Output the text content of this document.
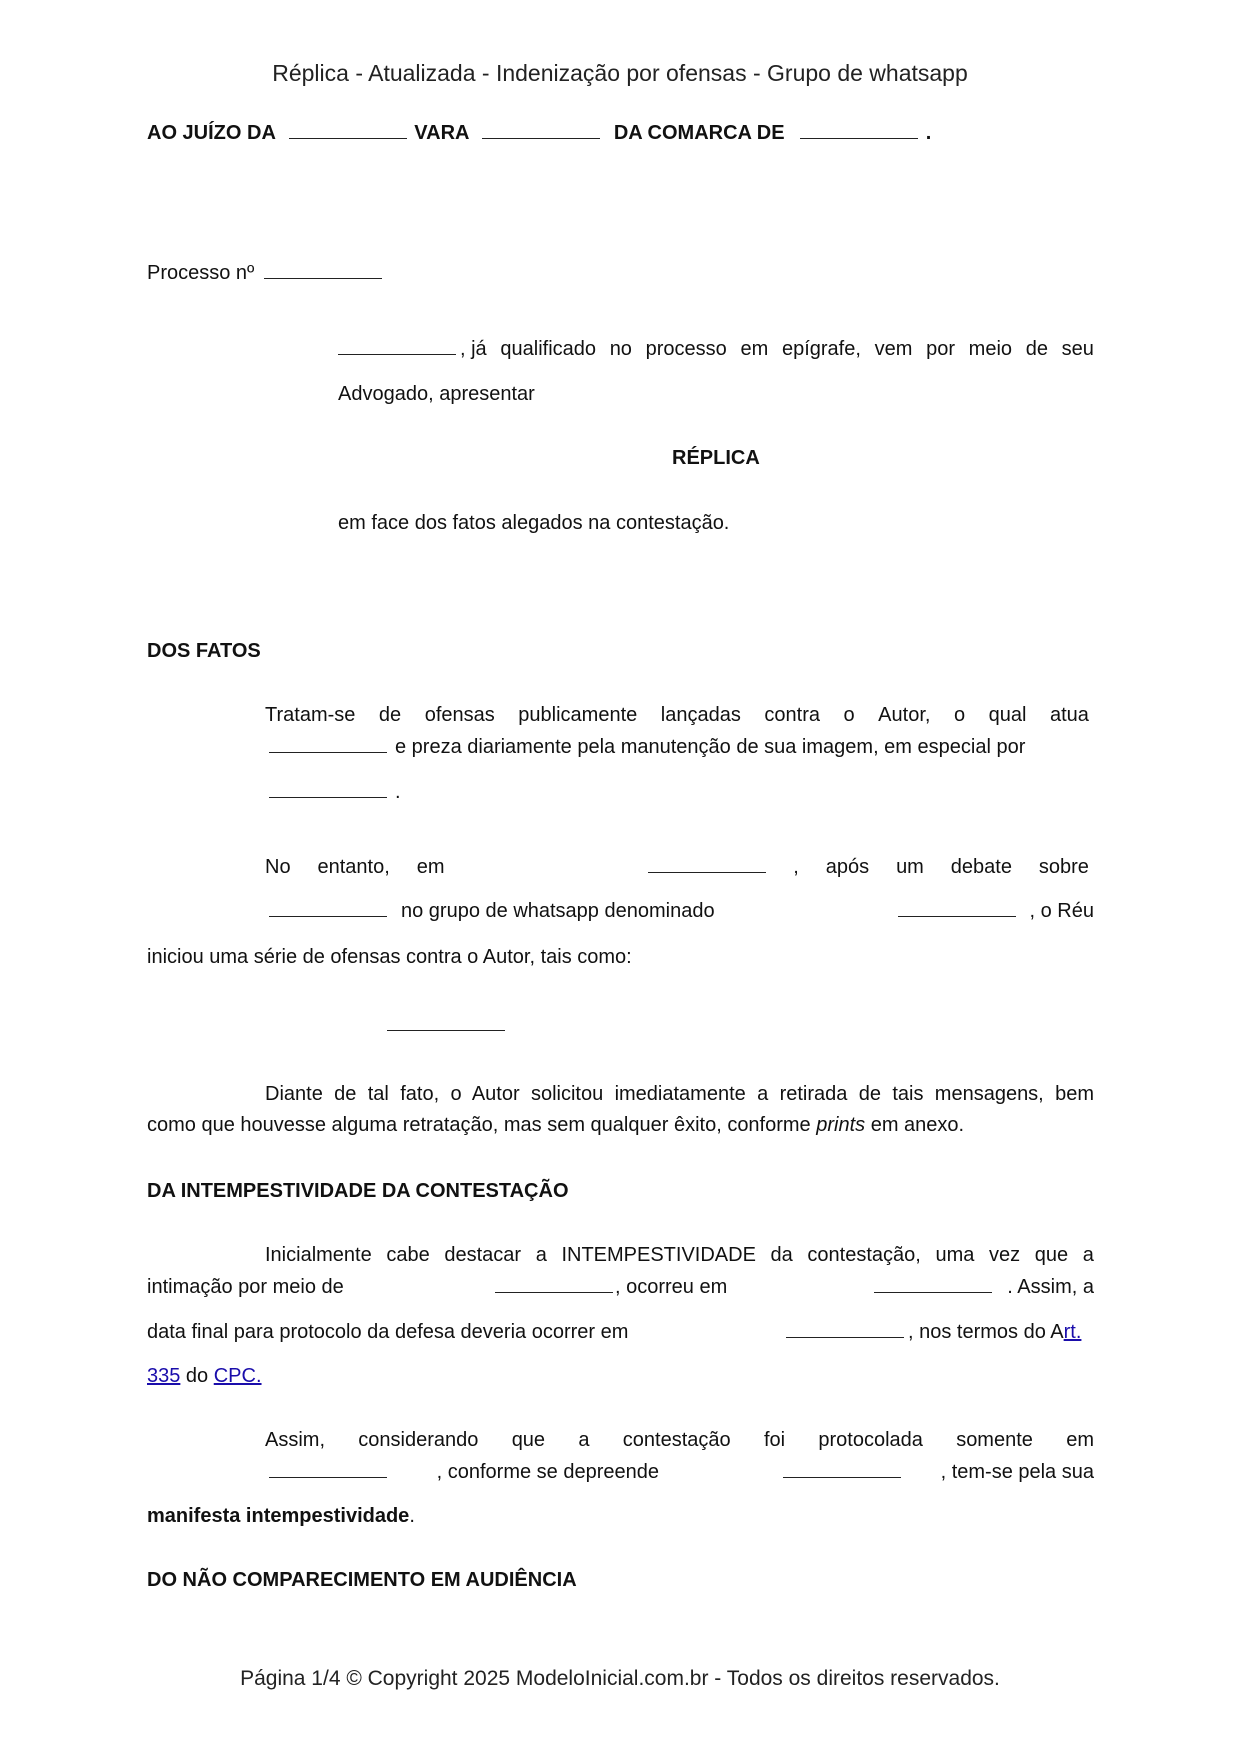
Réplica - Atualizada - Indenização por ofensas - Grupo de whatsapp
AO JUÍZO DA	VARA	DA COMARCA DE	.
Processo nº
, já qualificado no processo em epígrafe, vem por meio de seu
Advogado, apresentar
RÉPLICA
em face dos fatos alegados na contestação.
DOS FATOS
Tratam-se de ofensas publicamente lançadas contra o Autor, o qual atua
e preza diariamente pela manutenção de sua imagem, em especial por
.
No entanto, em	, após um debate sobre
no grupo de whatsapp denominado	, o Réu
iniciou uma série de ofensas contra o Autor, tais como:
Diante de tal fato, o Autor solicitou imediatamente a retirada de tais mensagens, bem
como que houvesse alguma retratação, mas sem qualquer êxito, conforme prints em anexo.
DA INTEMPESTIVIDADE DA CONTESTAÇÃO
Inicialmente cabe destacar a INTEMPESTIVIDADE da contestação, uma vez que a
intimação por meio de	, ocorreu em	. Assim, a
data final para protocolo da defesa deveria ocorrer em	, nos termos do Art.
335 do CPC.
Assim, considerando que a contestação foi protocolada somente em
, conforme se depreende	, tem-se pela sua
manifesta intempestividade.
DO NÃO COMPARECIMENTO EM AUDIÊNCIA
Página 1/4 © Copyright 2025 ModeloInicial.com.br - Todos os direitos reservados.
